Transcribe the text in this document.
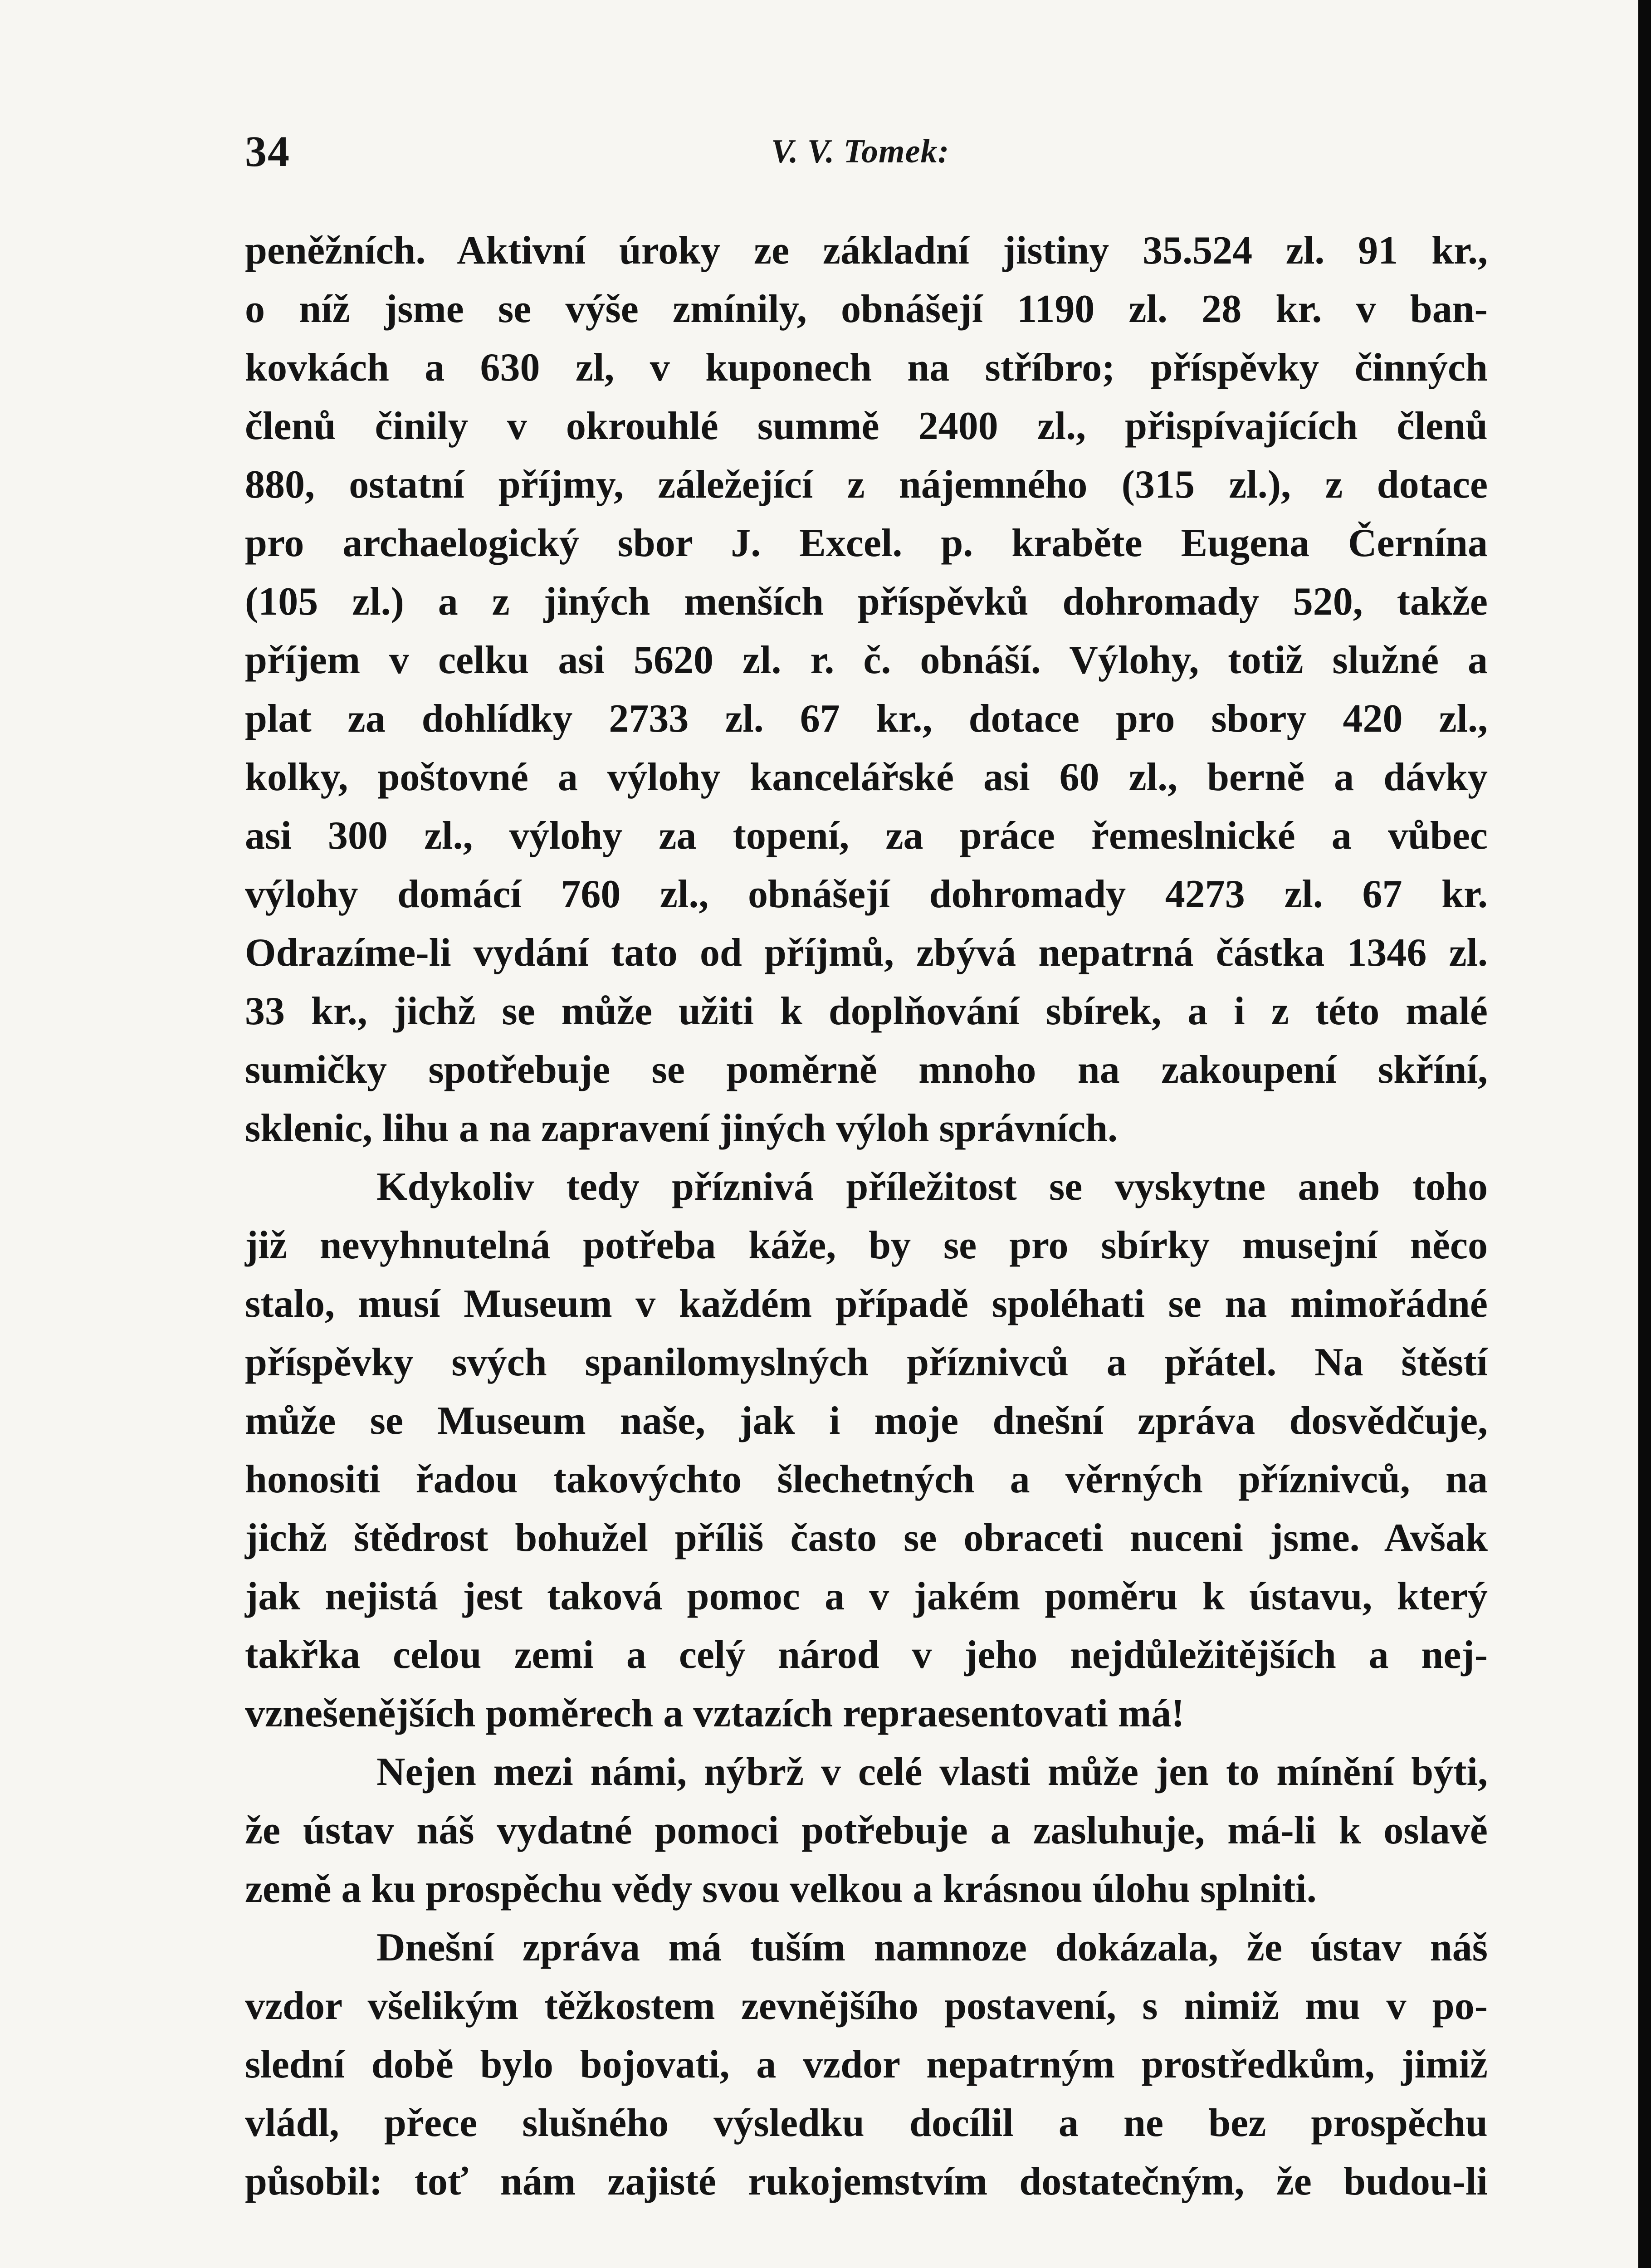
34	V. V. Tomek:
peněžních. Aktivní úroky ze základní jistiny 35.524 zl. 91 kr.,
o níž jsme se výše zmínily, obnášejí 1190 zl. 28 kr. v ban-
kovkách a 630 zl, v kuponech na stříbro; příspěvky činných
členů činily v okrouhlé summě 2400 zl., přispívajících členů
880, ostatní příjmy, záležející z nájemného (315 zl.), z dotace
pro archaelogický sbor J. Excel. p. kraběte Eugena Černína
(105 zl.) a z jiných menších příspěvků dohromady 520, takže
příjem v celku asi 5620 zl. r. č. obnáší. Výlohy, totiž služné a
plat za dohlídky 2733 zl. 67 kr., dotace pro sbory 420 zl.,
kolky, poštovné a výlohy kancelářské asi 60 zl., berně a dávky
asi 300 zl., výlohy za topení, za práce řemeslnické a vůbec
výlohy domácí 760 zl., obnášejí dohromady 4273 zl. 67 kr.
Odrazíme-li vydání tato od příjmů, zbývá nepatrná částka 1346 zl.
33 kr., jichž se může užiti k doplňování sbírek, a i z této malé
sumičky spotřebuje se poměrně mnoho na zakoupení skříní,
sklenic, lihu a na zapravení jiných výloh správních.
Kdykoliv tedy příznivá příležitost se vyskytne aneb toho
již nevyhnutelná potřeba káže, by se pro sbírky musejní něco
stalo, musí Museum v každém případě spoléhati se na mimořádné
příspěvky svých spanilomyslných příznivců a přátel. Na štěstí
může se Museum naše, jak i moje dnešní zpráva dosvědčuje,
honositi řadou takovýchto šlechetných a věrných příznivců, na
jichž štědrost bohužel příliš často se obraceti nuceni jsme. Avšak
jak nejistá jest taková pomoc a v jakém poměru k ústavu, který
takřka celou zemi a celý národ v jeho nejdůležitějších a nej-
vznešenějších poměrech a vztazích repraesentovati má!
Nejen mezi námi, nýbrž v celé vlasti může jen to mínění býti,
že ústav náš vydatné pomoci potřebuje a zasluhuje, má-li k oslavě
země a ku prospěchu vědy svou velkou a krásnou úlohu splniti.
Dnešní zpráva má tuším namnoze dokázala, že ústav náš
vzdor všelikým těžkostem zevnějšího postavení, s nimiž mu v po-
slední době bylo bojovati, a vzdor nepatrným prostředkům, jimiž
vládl, přece slušného výsledku docílil a ne bez prospěchu
působil: toť nám zajisté rukojemstvím dostatečným, že budou-li
